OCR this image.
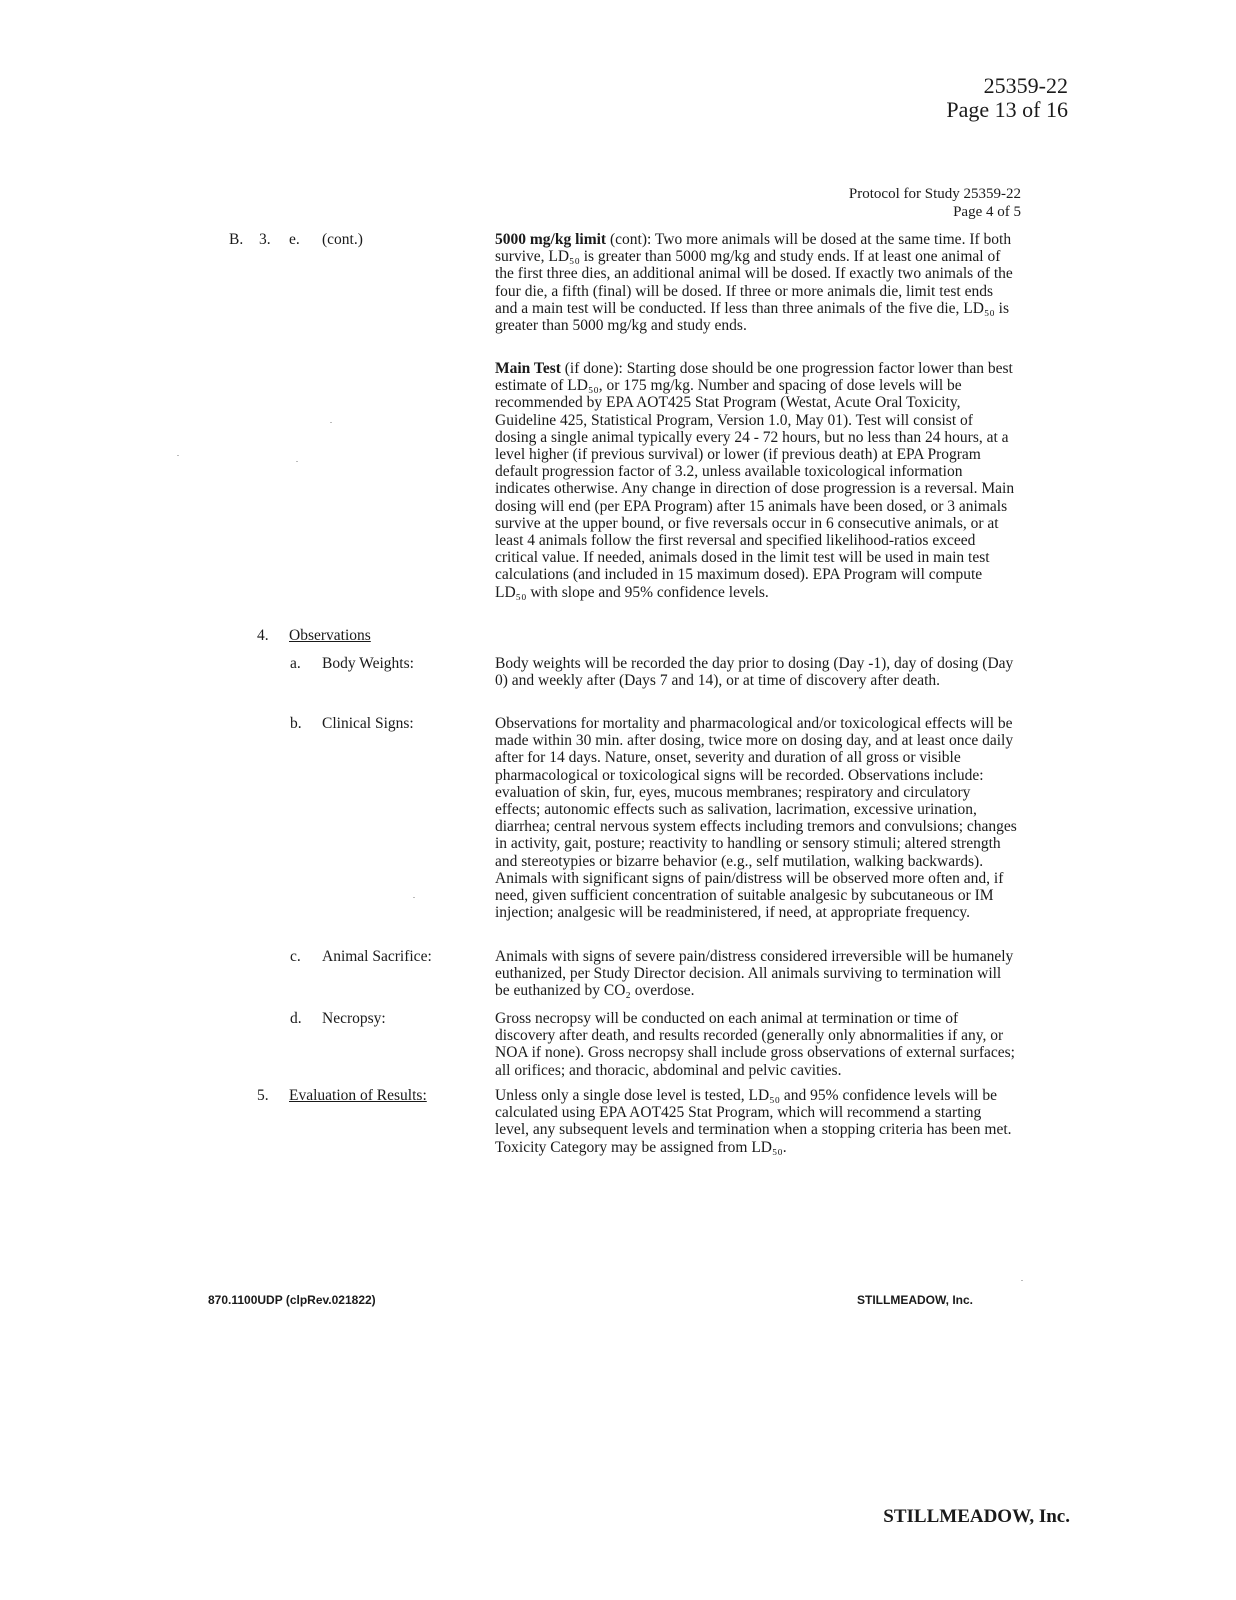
25359-22
Page 13 of 16
Protocol for Study 25359-22
Page 4 of 5
B. 3. e. (cont.)	5000 mg/kg limit (cont): Two more animals will be dosed at the same time. If both survive, LD₅₀ is greater than 5000 mg/kg and study ends. If at least one animal of the first three dies, an additional animal will be dosed. If exactly two animals of the four die, a fifth (final) will be dosed. If three or more animals die, limit test ends and a main test will be conducted. If less than three animals of the five die, LD₅₀ is greater than 5000 mg/kg and study ends.
Main Test (if done): Starting dose should be one progression factor lower than best estimate of LD₅₀, or 175 mg/kg. Number and spacing of dose levels will be recommended by EPA AOT425 Stat Program (Westat, Acute Oral Toxicity, Guideline 425, Statistical Program, Version 1.0, May 01). Test will consist of dosing a single animal typically every 24 - 72 hours, but no less than 24 hours, at a level higher (if previous survival) or lower (if previous death) at EPA Program default progression factor of 3.2, unless available toxicological information indicates otherwise. Any change in direction of dose progression is a reversal. Main dosing will end (per EPA Program) after 15 animals have been dosed, or 3 animals survive at the upper bound, or five reversals occur in 6 consecutive animals, or at least 4 animals follow the first reversal and specified likelihood-ratios exceed critical value. If needed, animals dosed in the limit test will be used in main test calculations (and included in 15 maximum dosed). EPA Program will compute LD₅₀ with slope and 95% confidence levels.
4. Observations
a. Body Weights:	Body weights will be recorded the day prior to dosing (Day -1), day of dosing (Day 0) and weekly after (Days 7 and 14), or at time of discovery after death.
b. Clinical Signs:	Observations for mortality and pharmacological and/or toxicological effects will be made within 30 min. after dosing, twice more on dosing day, and at least once daily after for 14 days. Nature, onset, severity and duration of all gross or visible pharmacological or toxicological signs will be recorded. Observations include: evaluation of skin, fur, eyes, mucous membranes; respiratory and circulatory effects; autonomic effects such as salivation, lacrimation, excessive urination, diarrhea; central nervous system effects including tremors and convulsions; changes in activity, gait, posture; reactivity to handling or sensory stimuli; altered strength and stereotypies or bizarre behavior (e.g., self mutilation, walking backwards). Animals with significant signs of pain/distress will be observed more often and, if need, given sufficient concentration of suitable analgesic by subcutaneous or IM injection; analgesic will be readministered, if need, at appropriate frequency.
c. Animal Sacrifice:	Animals with signs of severe pain/distress considered irreversible will be humanely euthanized, per Study Director decision. All animals surviving to termination will be euthanized by CO₂ overdose.
d. Necropsy:	Gross necropsy will be conducted on each animal at termination or time of discovery after death, and results recorded (generally only abnormalities if any, or NOA if none). Gross necropsy shall include gross observations of external surfaces; all orifices; and thoracic, abdominal and pelvic cavities.
5. Evaluation of Results:	Unless only a single dose level is tested, LD₅₀ and 95% confidence levels will be calculated using EPA AOT425 Stat Program, which will recommend a starting level, any subsequent levels and termination when a stopping criteria has been met. Toxicity Category may be assigned from LD₅₀.
870.1100UDP (clpRev.021822)	STILLMEADOW, Inc.
STILLMEADOW, Inc.
